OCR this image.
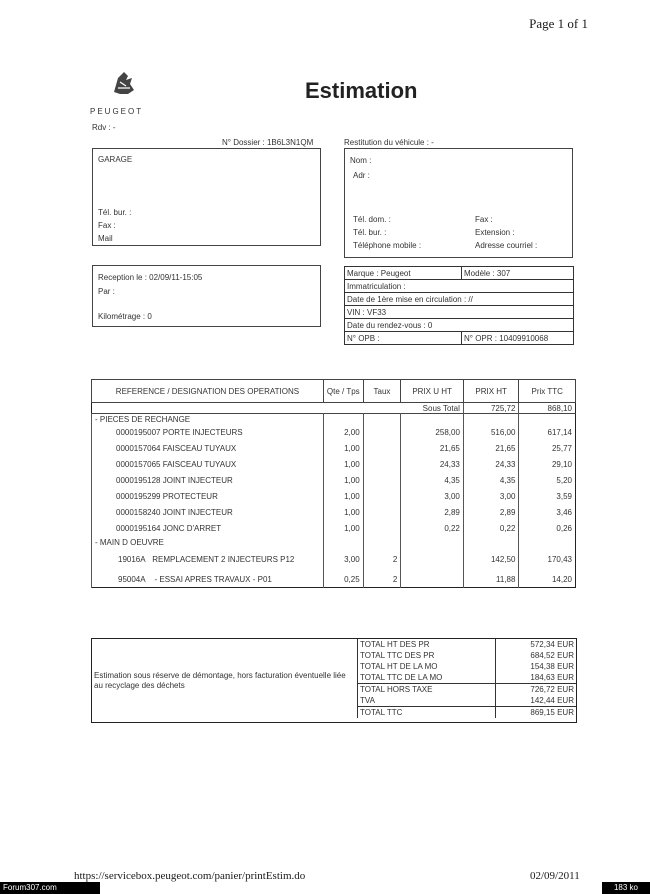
Page 1 of 1
PEUGEOT
Estimation
Rdv : -
N° Dossier : 1B6L3N1QM	Restitution du véhicule : -
GARAGE
Tél. bur. :
Fax :
Mail
Nom :
Adr :
Tél. dom. :	Fax :
Tél. bur. :	Extension :
Téléphone mobile :	Adresse courriel :
Reception le : 02/09/11-15:05
Par :
Kilométrage : 0
Marque : Peugeot	Modèle : 307
Immatriculation :	
Date de 1ère mise en circulation : //	
VIN : VF33	
Date du rendez-vous : 0	
N° OPB :	N° OPR : 10409910068
REFERENCE / DESIGNATION DES OPERATIONS	Qte / Tps	Taux	PRIX U HT	PRIX HT	Prix TTC
Sous Total				725,72	868,10
- PIECES DE RECHANGE					
0000195007 PORTE INJECTEURS	2,00		258,00	516,00	617,14
0000157064 FAISCEAU TUYAUX	1,00		21,65	21,65	25,77
0000157065 FAISCEAU TUYAUX	1,00		24,33	24,33	29,10
0000195128 JOINT INJECTEUR	1,00		4,35	4,35	5,20
0000195299 PROTECTEUR	1,00		3,00	3,00	3,59
0000158240 JOINT INJECTEUR	1,00		2,89	2,89	3,46
0000195164 JONC D'ARRET	1,00		0,22	0,22	0,26
- MAIN D OEUVRE					
19016A REMPLACEMENT 2 INJECTEURS P12	3,00	2		142,50	170,43
95004A - ESSAI APRES TRAVAUX - P01	0,25	2		11,88	14,20
Estimation sous réserve de démontage, hors facturation éventuelle liée au recyclage des déchets
TOTAL HT DES PR	572,34 EUR
TOTAL TTC DES PR	684,52 EUR
TOTAL HT DE LA MO	154,38 EUR
TOTAL TTC DE LA MO	184,63 EUR
TOTAL HORS TAXE	726,72 EUR
TVA	142,44 EUR
TOTAL TTC	869,15 EUR
https://servicebox.peugeot.com/panier/printEstim.do	02/09/2011
Forum307.com	183 ko
